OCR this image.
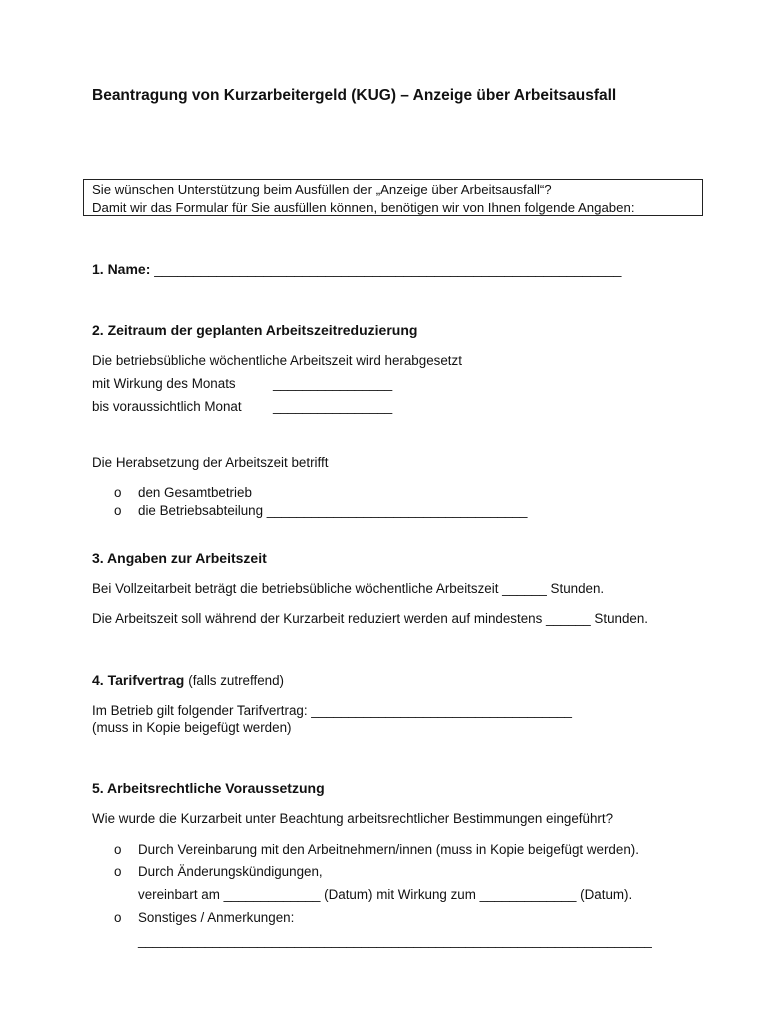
Beantragung von Kurzarbeitergeld (KUG) – Anzeige über Arbeitsausfall
Sie wünschen Unterstützung beim Ausfüllen der „Anzeige über Arbeitsausfall“?
Damit wir das Formular für Sie ausfüllen können, benötigen wir von Ihnen folgende Angaben:
1. Name: ____________________________________________________________
2. Zeitraum der geplanten Arbeitszeitreduzierung
Die betriebsübliche wöchentliche Arbeitszeit wird herabgesetzt
mit Wirkung des Monats	________________
bis voraussichtlich Monat ________________
Die Herabsetzung der Arbeitszeit betrifft
o den Gesamtbetrieb
o die Betriebsabteilung ___________________________________
3. Angaben zur Arbeitszeit
Bei Vollzeitarbeit beträgt die betriebsübliche wöchentliche Arbeitszeit ______ Stunden.
Die Arbeitszeit soll während der Kurzarbeit reduziert werden auf mindestens ______ Stunden.
4. Tarifvertrag (falls zutreffend)
Im Betrieb gilt folgender Tarifvertrag: ___________________________________
(muss in Kopie beigefügt werden)
5. Arbeitsrechtliche Voraussetzung
Wie wurde die Kurzarbeit unter Beachtung arbeitsrechtlicher Bestimmungen eingeführt?
o Durch Vereinbarung mit den Arbeitnehmern/innen (muss in Kopie beigefügt werden).
o Durch Änderungskündigungen,
vereinbart am _____________ (Datum) mit Wirkung zum _____________ (Datum).
o Sonstiges / Anmerkungen:
_____________________________________________________________________
